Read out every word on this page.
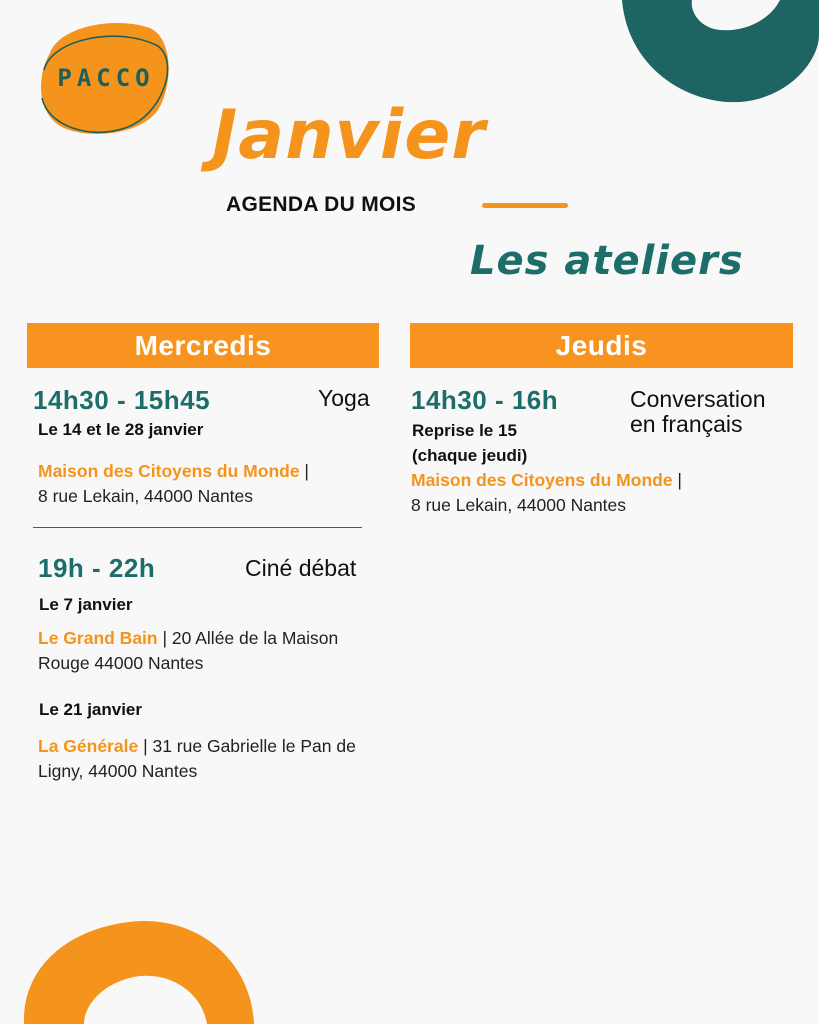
PACCO
Janvier
AGENDA DU MOIS
Les ateliers
Mercredis	Jeudis
14h30 - 15h45	Yoga
Le 14 et le 28 janvier
Maison des Citoyens du Monde |
8 rue Lekain, 44000 Nantes
19h - 22h	Ciné débat
Le 7 janvier
Le Grand Bain | 20 Allée de la Maison Rouge 44000 Nantes
Le 21 janvier
La Générale | 31 rue Gabrielle le Pan de Ligny, 44000 Nantes
14h30 - 16h	Conversation
en français
Reprise le 15
(chaque jeudi)
Maison des Citoyens du Monde |
8 rue Lekain, 44000 Nantes
